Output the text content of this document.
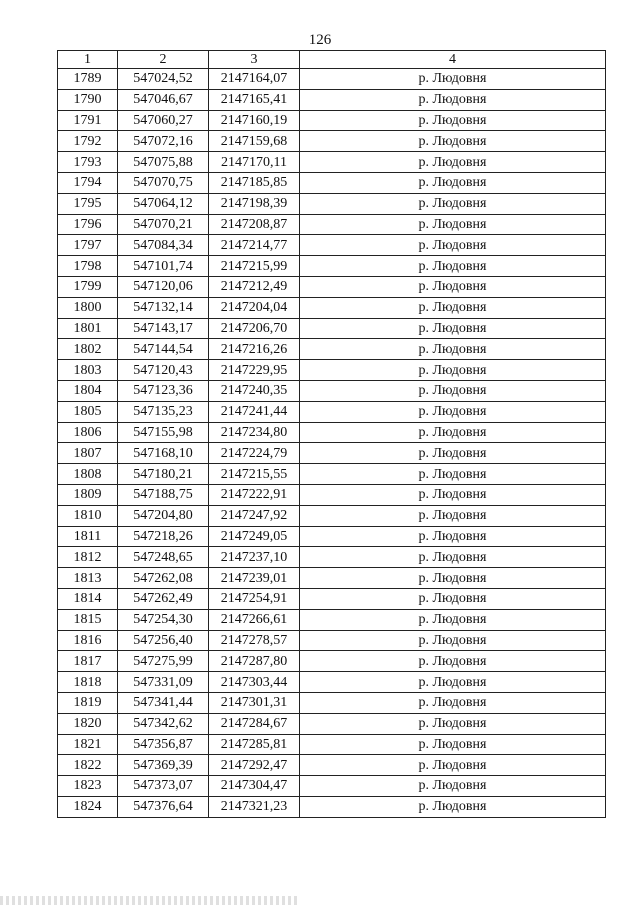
126
1	2	3	4
1789	547024,52	2147164,07	р. Людовня
1790	547046,67	2147165,41	р. Людовня
1791	547060,27	2147160,19	р. Людовня
1792	547072,16	2147159,68	р. Людовня
1793	547075,88	2147170,11	р. Людовня
1794	547070,75	2147185,85	р. Людовня
1795	547064,12	2147198,39	р. Людовня
1796	547070,21	2147208,87	р. Людовня
1797	547084,34	2147214,77	р. Людовня
1798	547101,74	2147215,99	р. Людовня
1799	547120,06	2147212,49	р. Людовня
1800	547132,14	2147204,04	р. Людовня
1801	547143,17	2147206,70	р. Людовня
1802	547144,54	2147216,26	р. Людовня
1803	547120,43	2147229,95	р. Людовня
1804	547123,36	2147240,35	р. Людовня
1805	547135,23	2147241,44	р. Людовня
1806	547155,98	2147234,80	р. Людовня
1807	547168,10	2147224,79	р. Людовня
1808	547180,21	2147215,55	р. Людовня
1809	547188,75	2147222,91	р. Людовня
1810	547204,80	2147247,92	р. Людовня
1811	547218,26	2147249,05	р. Людовня
1812	547248,65	2147237,10	р. Людовня
1813	547262,08	2147239,01	р. Людовня
1814	547262,49	2147254,91	р. Людовня
1815	547254,30	2147266,61	р. Людовня
1816	547256,40	2147278,57	р. Людовня
1817	547275,99	2147287,80	р. Людовня
1818	547331,09	2147303,44	р. Людовня
1819	547341,44	2147301,31	р. Людовня
1820	547342,62	2147284,67	р. Людовня
1821	547356,87	2147285,81	р. Людовня
1822	547369,39	2147292,47	р. Людовня
1823	547373,07	2147304,47	р. Людовня
1824	547376,64	2147321,23	р. Людовня
